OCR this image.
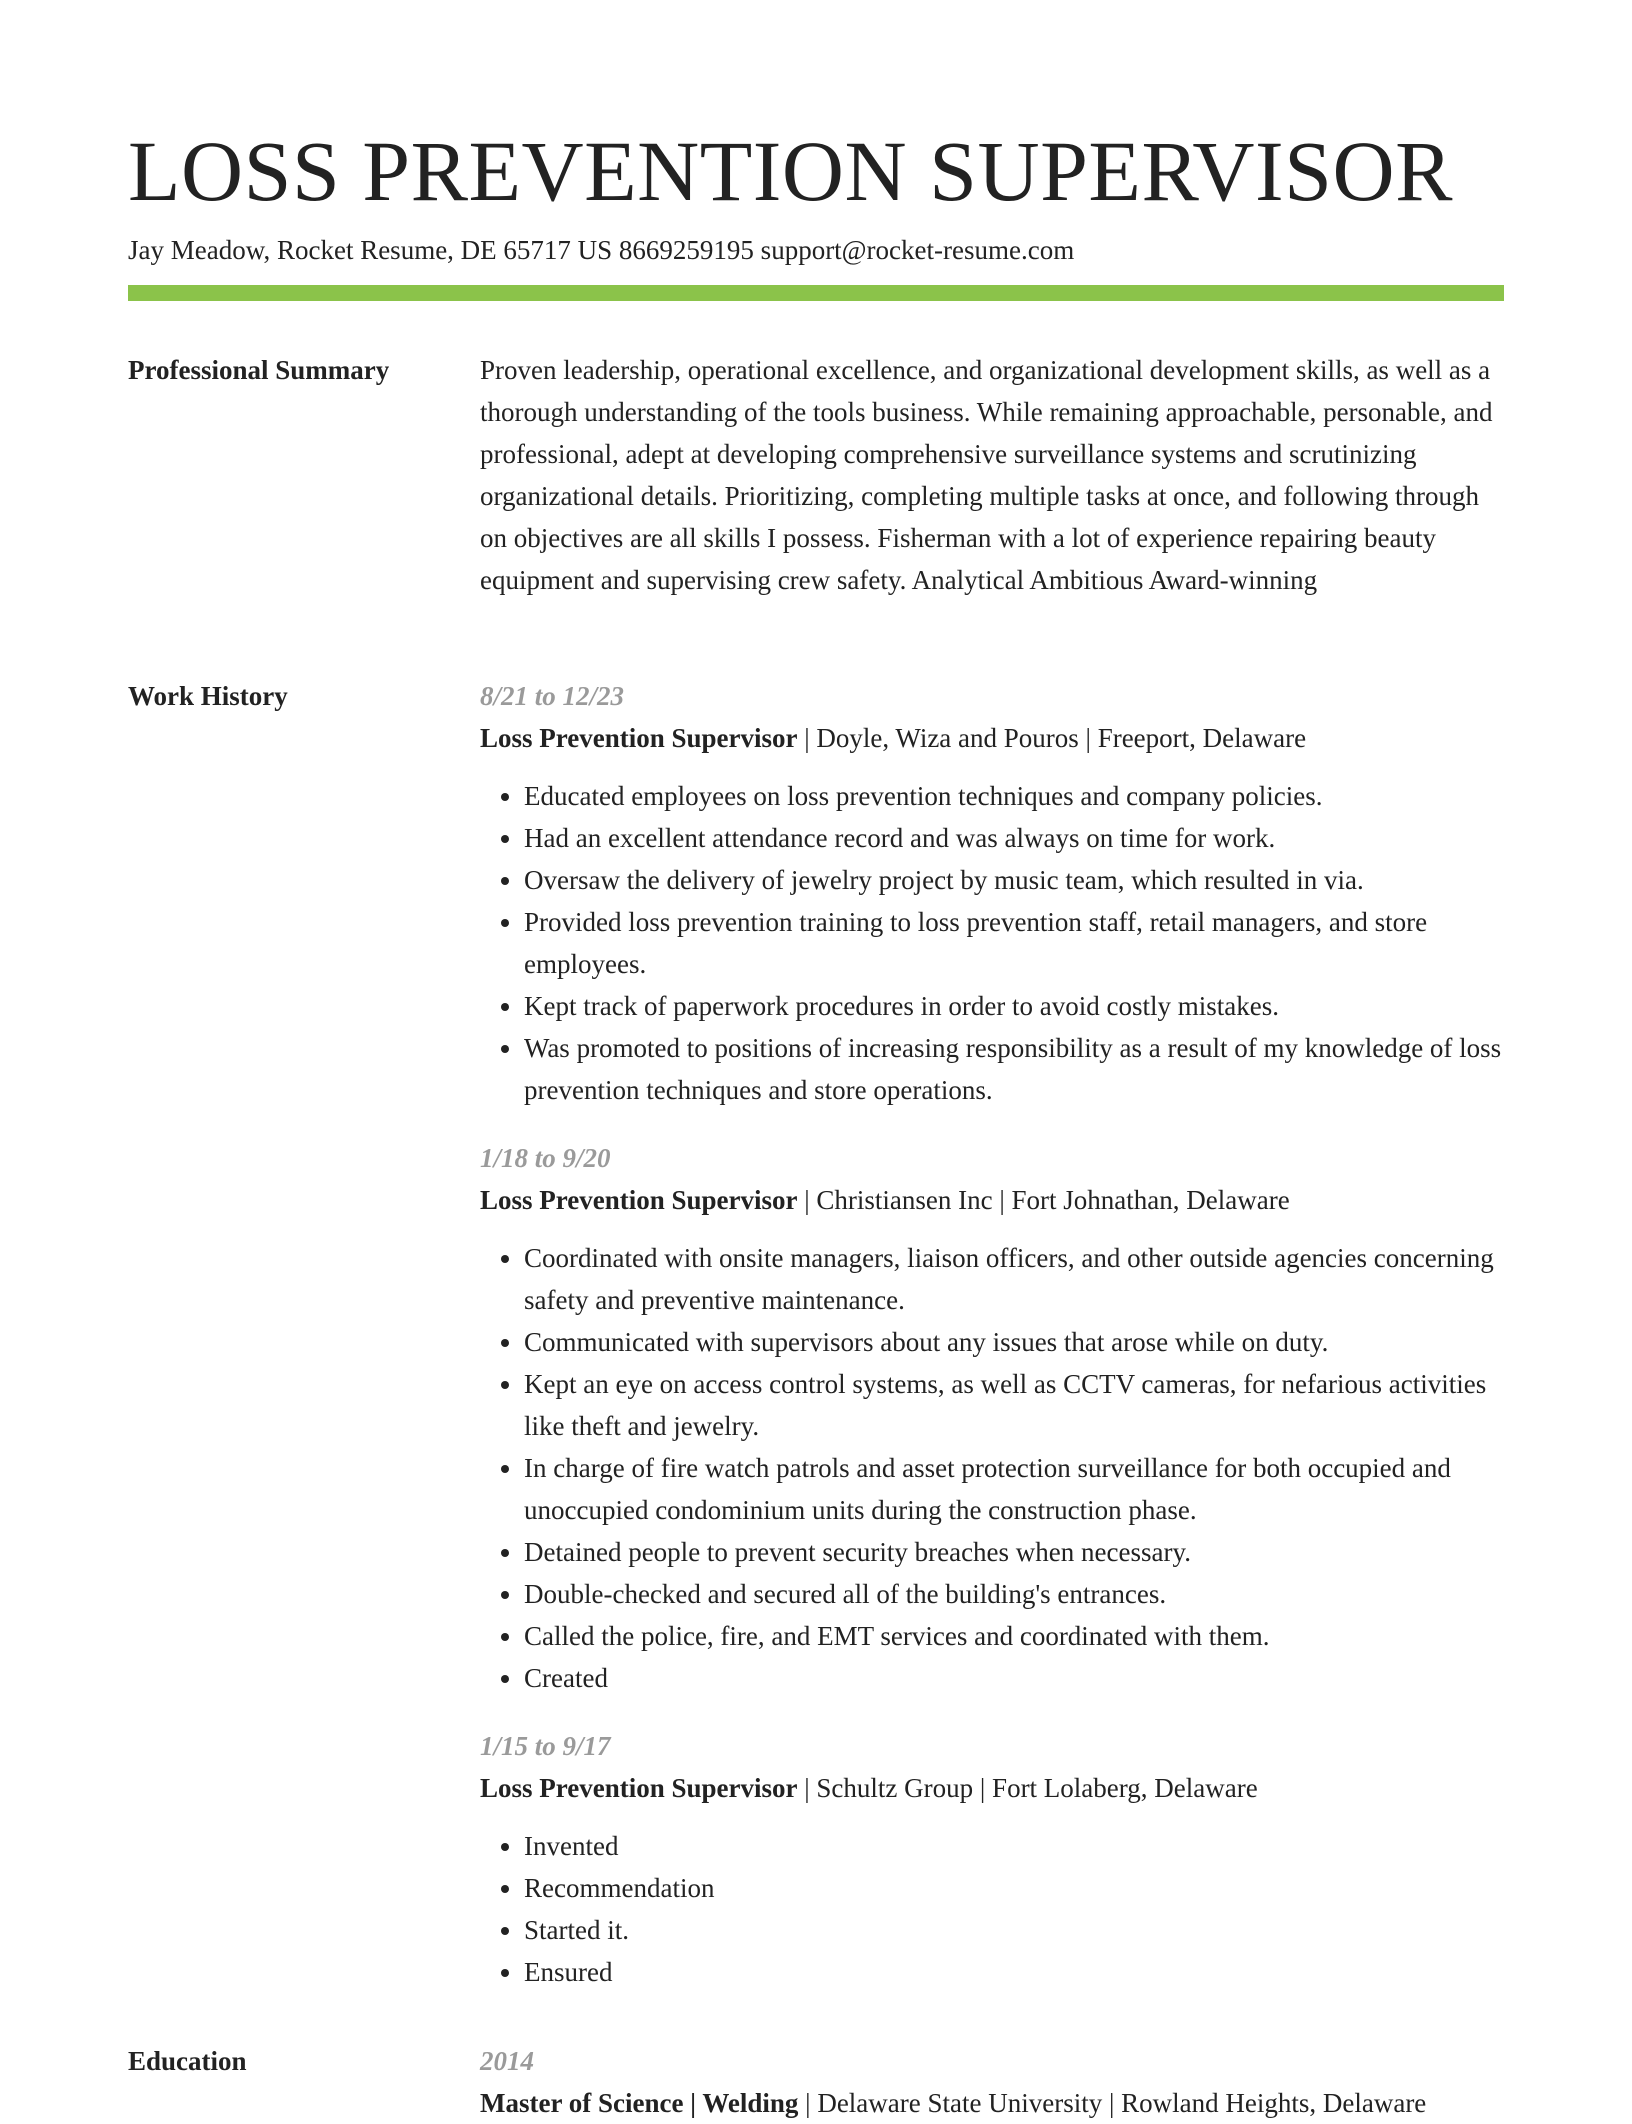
LOSS PREVENTION SUPERVISOR
Jay Meadow, Rocket Resume, DE 65717 US 8669259195 support@rocket-resume.com
Professional Summary	Proven leadership, operational excellence, and organizational development skills, as well as a thorough understanding of the tools business. While remaining approachable, personable, and professional, adept at developing comprehensive surveillance systems and scrutinizing organizational details. Prioritizing, completing multiple tasks at once, and following through on objectives are all skills I possess. Fisherman with a lot of experience repairing beauty equipment and supervising crew safety. Analytical Ambitious Award-winning

Work History	8/21 to 12/23
Loss Prevention Supervisor | Doyle, Wiza and Pouros | Freeport, Delaware
• Educated employees on loss prevention techniques and company policies.
• Had an excellent attendance record and was always on time for work.
• Oversaw the delivery of jewelry project by music team, which resulted in via.
• Provided loss prevention training to loss prevention staff, retail managers, and store employees.
• Kept track of paperwork procedures in order to avoid costly mistakes.
• Was promoted to positions of increasing responsibility as a result of my knowledge of loss prevention techniques and store operations.
1/18 to 9/20
Loss Prevention Supervisor | Christiansen Inc | Fort Johnathan, Delaware
• Coordinated with onsite managers, liaison officers, and other outside agencies concerning safety and preventive maintenance.
• Communicated with supervisors about any issues that arose while on duty.
• Kept an eye on access control systems, as well as CCTV cameras, for nefarious activities like theft and jewelry.
• In charge of fire watch patrols and asset protection surveillance for both occupied and unoccupied condominium units during the construction phase.
• Detained people to prevent security breaches when necessary.
• Double-checked and secured all of the building's entrances.
• Called the police, fire, and EMT services and coordinated with them.
• Created
1/15 to 9/17
Loss Prevention Supervisor | Schultz Group | Fort Lolaberg, Delaware
• Invented
• Recommendation
• Started it.
• Ensured
Education	2014
Master of Science | Welding | Delaware State University | Rowland Heights, Delaware
